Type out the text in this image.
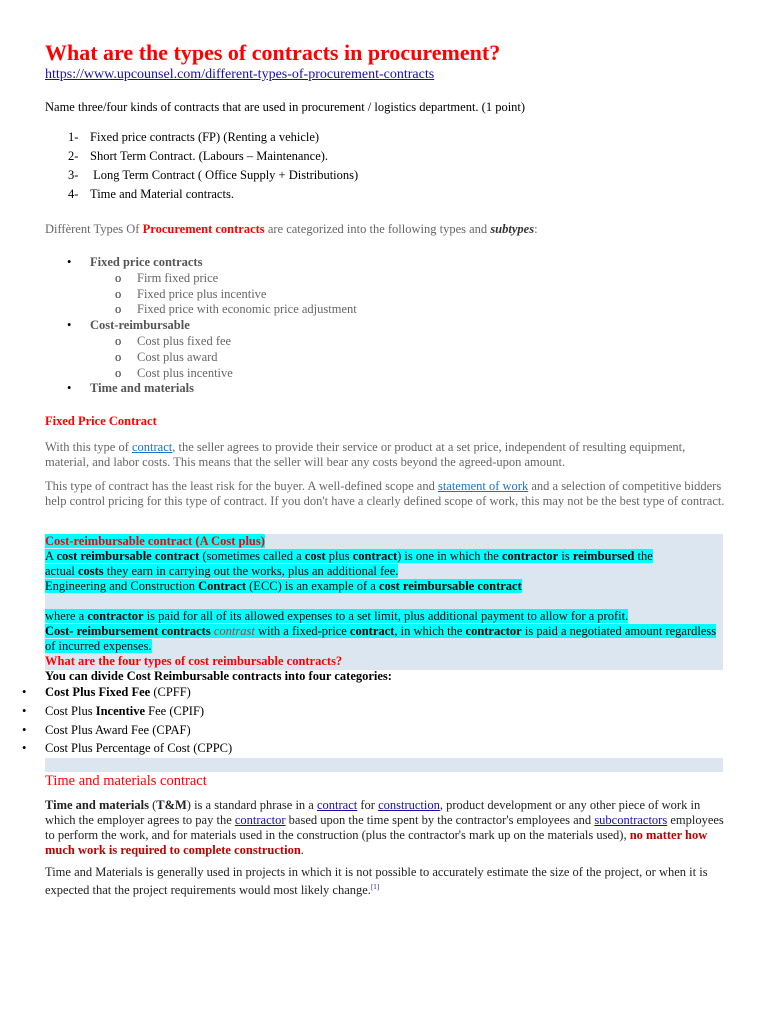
What are the types of contracts in procurement?
https://www.upcounsel.com/different-types-of-procurement-contracts

Name three/four kinds of contracts that are used in procurement / logistics department. (1 point)

1- Fixed price contracts (FP) (Renting a vehicle)
2- Short Term Contract. (Labours – Maintenance).
3- Long Term Contract ( Office Supply + Distributions)
4- Time and Material contracts.

Diffèrent Types Of Procurement contracts are categorized into the following types and subtypes:

• Fixed price contracts
o Firm fixed price
o Fixed price plus incentive
o Fixed price with economic price adjustment
• Cost-reimbursable
o Cost plus fixed fee
o Cost plus award
o Cost plus incentive
• Time and materials

Fixed Price Contract

With this type of contract, the seller agrees to provide their service or product at a set price, independent of resulting equipment, material, and labor costs. This means that the seller will bear any costs beyond the agreed-upon amount.

This type of contract has the least risk for the buyer. A well-defined scope and statement of work and a selection of competitive bidders help control pricing for this type of contract. If you don't have a clearly defined scope of work, this may not be the best type of contract.

Cost-reimbursable contract (A Cost plus)
A cost reimbursable contract (sometimes called a cost plus contract) is one in which the contractor is reimbursed the
actual costs they earn in carrying out the works, plus an additional fee.
Engineering and Construction Contract (ECC) is an example of a cost reimbursable contract
where a contractor is paid for all of its allowed expenses to a set limit, plus additional payment to allow for a profit.
Cost- reimbursement contracts contrast with a fixed-price contract, in which the contractor is paid a negotiated amount regardless
of incurred expenses.
What are the four types of cost reimbursable contracts?
You can divide Cost Reimbursable contracts into four categories:
• Cost Plus Fixed Fee (CPFF)
• Cost Plus Incentive Fee (CPIF)
• Cost Plus Award Fee (CPAF)
• Cost Plus Percentage of Cost (CPPC)
Time and materials contract

Time and materials (T&M) is a standard phrase in a contract for construction, product development or any other piece of work in which the employer agrees to pay the contractor based upon the time spent by the contractor's employees and subcontractors employees to perform the work, and for materials used in the construction (plus the contractor's mark up on the materials used), no matter how much work is required to complete construction.

Time and Materials is generally used in projects in which it is not possible to accurately estimate the size of the project, or when it is expected that the project requirements would most likely change.[1]
